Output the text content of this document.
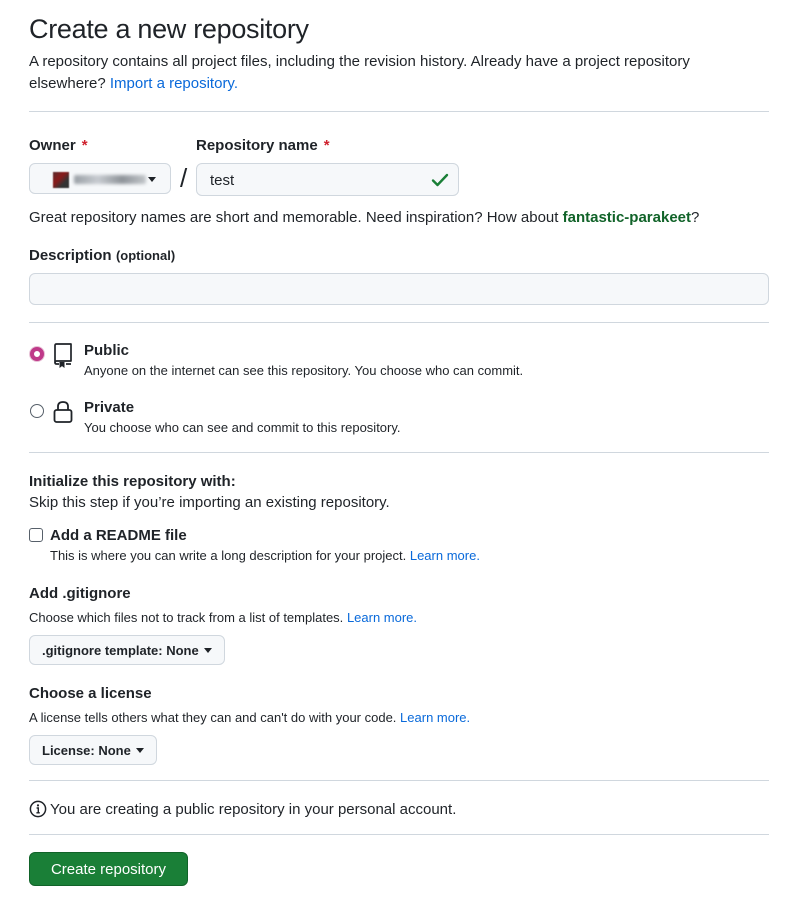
Create a new repository
A repository contains all project files, including the revision history. Already have a project repository elsewhere? Import a repository.
Owner *	Repository name *
/	test
Great repository names are short and memorable. Need inspiration? How about fantastic-parakeet?
Description (optional)
Public
Anyone on the internet can see this repository. You choose who can commit.
Private
You choose who can see and commit to this repository.
Initialize this repository with:
Skip this step if you’re importing an existing repository.
Add a README file
This is where you can write a long description for your project. Learn more.
Add .gitignore
Choose which files not to track from a list of templates. Learn more.
.gitignore template: None
Choose a license
A license tells others what they can and can't do with your code. Learn more.
License: None
You are creating a public repository in your personal account.
Create repository
